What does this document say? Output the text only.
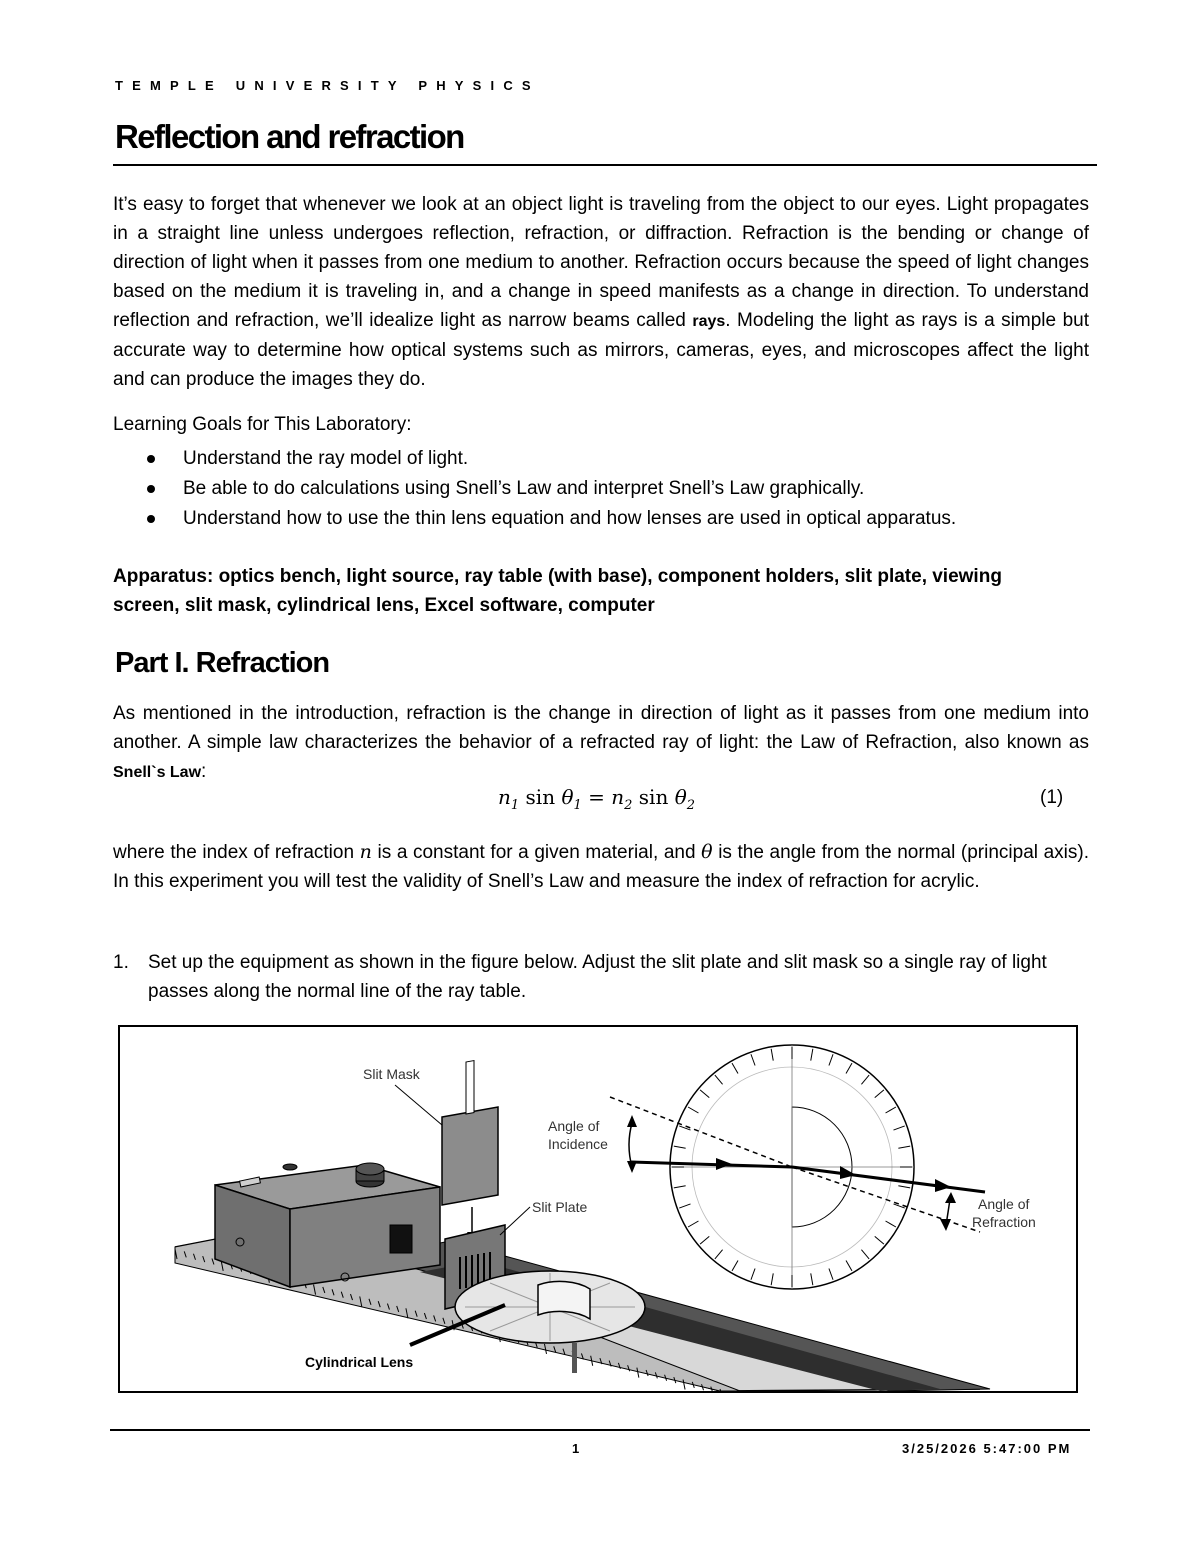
TEMPLE UNIVERSITY PHYSICS
Reflection and refraction
It’s easy to forget that whenever we look at an object light is traveling from the object to our eyes. Light propagates in a straight line unless undergoes reflection, refraction, or diffraction. Refraction is the bending or change of direction of light when it passes from one medium to another. Refraction occurs because the speed of light changes based on the medium it is traveling in, and a change in speed manifests as a change in direction. To understand reflection and refraction, we’ll idealize light as narrow beams called rays. Modeling the light as rays is a simple but accurate way to determine how optical systems such as mirrors, cameras, eyes, and microscopes affect the light and can produce the images they do.
Learning Goals for This Laboratory:
Understand the ray model of light.
Be able to do calculations using Snell’s Law and interpret Snell’s Law graphically.
Understand how to use the thin lens equation and how lenses are used in optical apparatus.
Apparatus: optics bench, light source, ray table (with base), component holders, slit plate, viewing screen, slit mask, cylindrical lens, Excel software, computer
Part I. Refraction
As mentioned in the introduction, refraction is the change in direction of light as it passes from one medium into another. A simple law characterizes the behavior of a refracted ray of light: the Law of Refraction, also known as Snell`s Law:
$n_1$ $\sin \theta_1 = n_2$ $\sin \theta_2$	(1)
where the index of refraction n is a constant for a given material, and θ is the angle from the normal (principal axis). In this experiment you will test the validity of Snell’s Law and measure the index of refraction for acrylic.
1. Set up the equipment as shown in the figure below. Adjust the slit plate and slit mask so a single ray of light passes along the normal line of the ray table.
Slit Mask
Angle of
Incidence
Slit Plate	Angle of
Refraction
Cylindrical Lens
1	3/25/2026 5:47:00 PM
